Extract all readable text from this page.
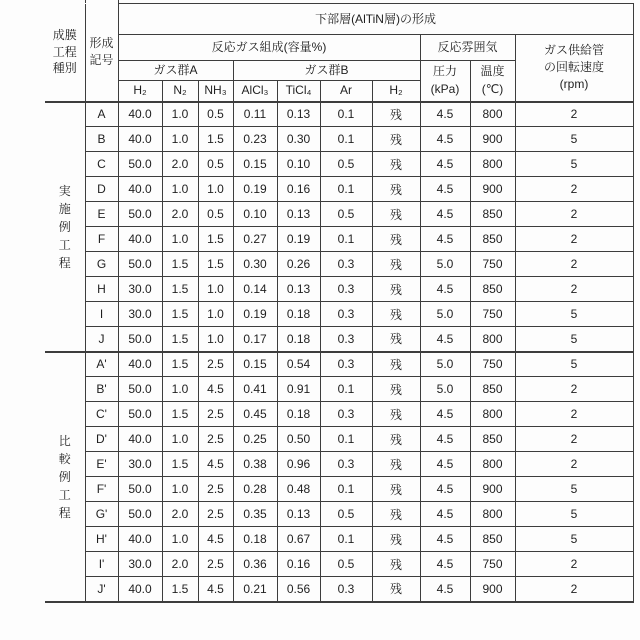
成膜工程種別	形成記号	下部層(AlTiN層)の形成									
		反応ガス組成(容量%)							反応雰囲気		ガス供給管
の回転速度
(rpm)
		ガス群A			ガス群B				圧力
(kPa)	温度
(℃)	
		H₂	N₂	NH₃	AlCl₃	TiCl₄	Ar	H₂			
実施例工程	A	40.0	1.0	0.5	0.11	0.13	0.1	残	4.5	800	2
	B	40.0	1.0	1.5	0.23	0.30	0.1	残	4.5	900	5
	C	50.0	2.0	0.5	0.15	0.10	0.5	残	4.5	800	5
	D	40.0	1.0	1.0	0.19	0.16	0.1	残	4.5	900	2
	E	50.0	2.0	0.5	0.10	0.13	0.5	残	4.5	850	2
	F	40.0	1.0	1.5	0.27	0.19	0.1	残	4.5	850	2
	G	50.0	1.5	1.5	0.30	0.26	0.3	残	5.0	750	2
	H	30.0	1.5	1.0	0.14	0.13	0.3	残	4.5	850	2
	I	30.0	1.5	1.0	0.19	0.18	0.3	残	5.0	750	5
	J	50.0	1.5	1.0	0.17	0.18	0.3	残	4.5	800	5
比較例工程	A'	40.0	1.5	2.5	0.15	0.54	0.3	残	5.0	750	5
	B'	50.0	1.0	4.5	0.41	0.91	0.1	残	5.0	850	2
	C'	50.0	1.5	2.5	0.45	0.18	0.3	残	4.5	800	2
	D'	40.0	1.0	2.5	0.25	0.50	0.1	残	4.5	850	2
	E'	30.0	1.5	4.5	0.38	0.96	0.3	残	4.5	800	2
	F'	50.0	1.0	2.5	0.28	0.48	0.1	残	4.5	900	5
	G'	50.0	2.0	2.5	0.35	0.13	0.5	残	4.5	800	5
	H'	40.0	1.0	4.5	0.18	0.67	0.1	残	4.5	850	5
	I'	30.0	2.0	2.5	0.36	0.16	0.5	残	4.5	750	2
	J'	40.0	1.5	4.5	0.21	0.56	0.3	残	4.5	900	2
